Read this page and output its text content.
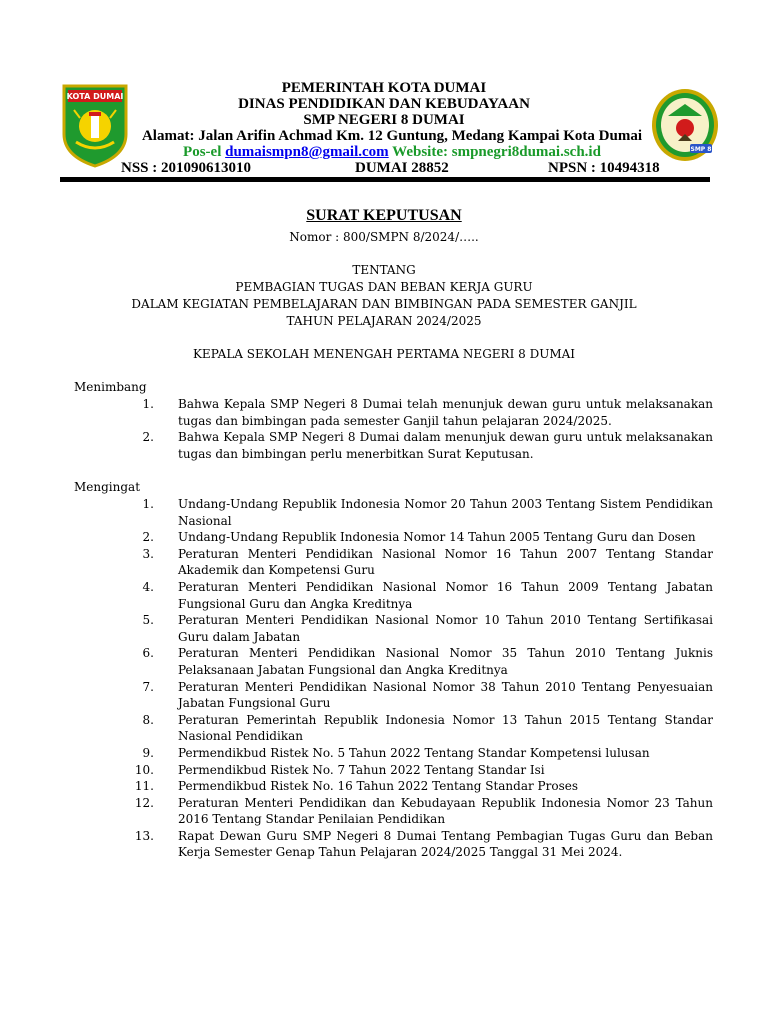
KOTA DUMAI
SMP 8
PEMERINTAH KOTA DUMAI
DINAS PENDIDIKAN DAN KEBUDAYAAN
SMP NEGERI 8 DUMAI
Alamat: Jalan Arifin Achmad Km. 12 Guntung, Medang Kampai Kota Dumai
Pos-el dumaismpn8@gmail.com Website: smpnegri8dumai.sch.id
NSS : 201090613010	DUMAI 28852	NPSN : 10494318
SURAT KEPUTUSAN
Nomor : 800/SMPN 8/2024/…..
TENTANG
PEMBAGIAN TUGAS DAN BEBAN KERJA GURU
DALAM KEGIATAN PEMBELAJARAN DAN BIMBINGAN PADA SEMESTER GANJIL
TAHUN PELAJARAN 2024/2025
KEPALA SEKOLAH MENENGAH PERTAMA NEGERI 8 DUMAI
Menimbang
1. Bahwa Kepala SMP Negeri 8 Dumai telah menunjuk dewan guru untuk melaksanakan tugas dan bimbingan pada semester Ganjil tahun pelajaran 2024/2025.
2. Bahwa Kepala SMP Negeri 8 Dumai dalam menunjuk dewan guru untuk melaksanakan tugas dan bimbingan perlu menerbitkan Surat Keputusan.
Mengingat
1. Undang-Undang Republik Indonesia Nomor 20 Tahun 2003 Tentang Sistem Pendidikan Nasional
2. Undang-Undang Republik Indonesia Nomor 14 Tahun 2005 Tentang Guru dan Dosen
3. Peraturan Menteri Pendidikan Nasional Nomor 16 Tahun 2007 Tentang Standar Akademik dan Kompetensi Guru
4. Peraturan Menteri Pendidikan Nasional Nomor 16 Tahun 2009 Tentang Jabatan Fungsional Guru dan Angka Kreditnya
5. Peraturan Menteri Pendidikan Nasional Nomor 10 Tahun 2010 Tentang Sertifikasai Guru dalam Jabatan
6. Peraturan Menteri Pendidikan Nasional Nomor 35 Tahun 2010 Tentang Juknis Pelaksanaan Jabatan Fungsional dan Angka Kreditnya
7. Peraturan Menteri Pendidikan Nasional Nomor 38 Tahun 2010 Tentang Penyesuaian Jabatan Fungsional Guru
8. Peraturan Pemerintah Republik Indonesia Nomor 13 Tahun 2015 Tentang Standar Nasional Pendidikan
9. Permendikbud Ristek No. 5 Tahun 2022 Tentang Standar Kompetensi lulusan
10. Permendikbud Ristek No. 7 Tahun 2022 Tentang Standar Isi
11. Permendikbud Ristek No. 16 Tahun 2022 Tentang Standar Proses
12. Peraturan Menteri Pendidikan dan Kebudayaan Republik Indonesia Nomor 23 Tahun 2016 Tentang Standar Penilaian Pendidikan
13. Rapat Dewan Guru SMP Negeri 8 Dumai Tentang Pembagian Tugas Guru dan Beban Kerja Semester Genap Tahun Pelajaran 2024/2025 Tanggal 31 Mei 2024.
